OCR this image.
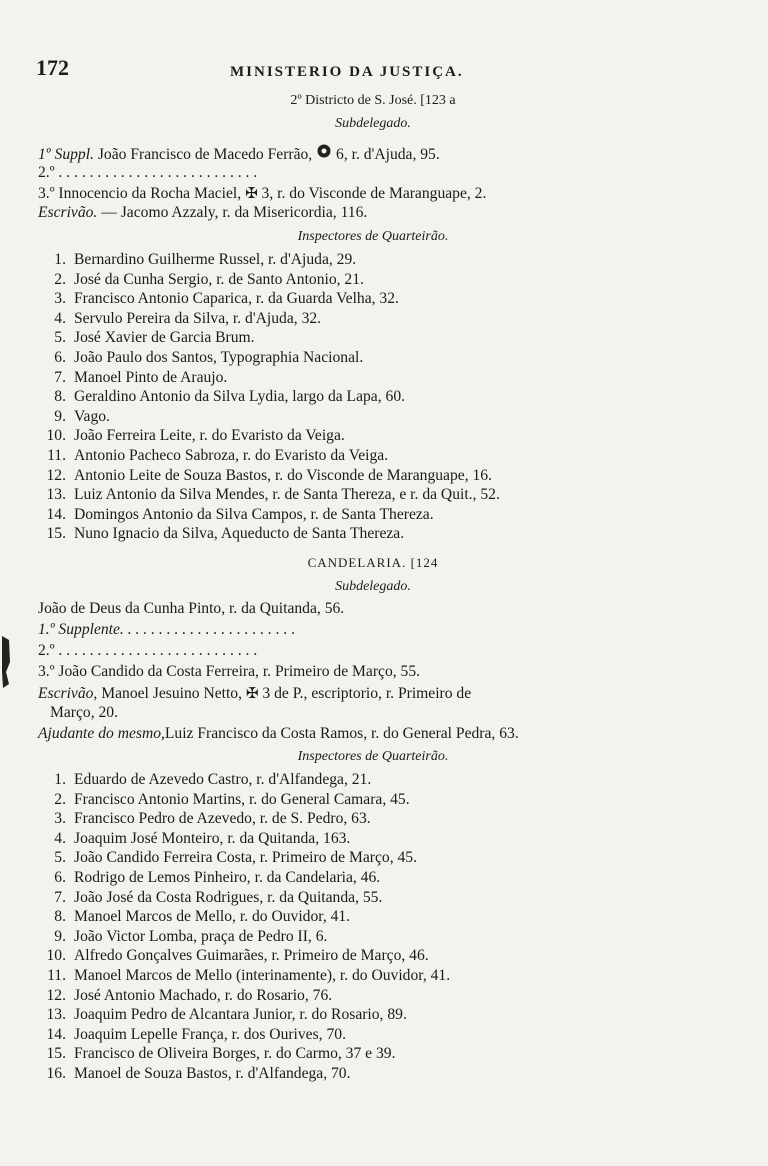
172	MINISTERIO DA JUSTIÇA.
2º Districto de S. José. [123 a
Subdelegado.
1º Suppl. João Francisco de Macedo Ferrão, 6, r. d'Ajuda, 95.
2.º . . . . . . . . . . . . . . . . . . . . . . . . . .
3.º Innocencio da Rocha Maciel, ✠ 3, r. do Visconde de Maranguape, 2.
Escrivão. — Jacomo Azzaly, r. da Misericordia, 116.
Inspectores de Quarteirão.
1. Bernardino Guilherme Russel, r. d'Ajuda, 29.
2. José da Cunha Sergio, r. de Santo Antonio, 21.
3. Francisco Antonio Caparica, r. da Guarda Velha, 32.
4. Servulo Pereira da Silva, r. d'Ajuda, 32.
5. José Xavier de Garcia Brum.
6. João Paulo dos Santos, Typographia Nacional.
7. Manoel Pinto de Araujo.
8. Geraldino Antonio da Silva Lydia, largo da Lapa, 60.
9. Vago.
10. João Ferreira Leite, r. do Evaristo da Veiga.
11. Antonio Pacheco Sabroza, r. do Evaristo da Veiga.
12. Antonio Leite de Souza Bastos, r. do Visconde de Maranguape, 16.
13. Luiz Antonio da Silva Mendes, r. de Santa Thereza, e r. da Quit., 52.
14. Domingos Antonio da Silva Campos, r. de Santa Thereza.
15. Nuno Ignacio da Silva, Aqueducto de Santa Thereza.
CANDELARIA. [124
Subdelegado.
João de Deus da Cunha Pinto, r. da Quitanda, 56.
1.º Supplente. . . . . . . . . . . . . . . . . . . . . . .
2.º . . . . . . . . . . . . . . . . . . . . . . . . . .
3.º João Candido da Costa Ferreira, r. Primeiro de Março, 55.
Escrivão, Manoel Jesuino Netto, ✠ 3 de P., escriptorio, r. Primeiro de
Março, 20.
Ajudante do mesmo,Luiz Francisco da Costa Ramos, r. do General Pedra, 63.
Inspectores de Quarteirão.
1. Eduardo de Azevedo Castro, r. d'Alfandega, 21.
2. Francisco Antonio Martins, r. do General Camara, 45.
3. Francisco Pedro de Azevedo, r. de S. Pedro, 63.
4. Joaquim José Monteiro, r. da Quitanda, 163.
5. João Candido Ferreira Costa, r. Primeiro de Março, 45.
6. Rodrigo de Lemos Pinheiro, r. da Candelaria, 46.
7. João José da Costa Rodrigues, r. da Quitanda, 55.
8. Manoel Marcos de Mello, r. do Ouvidor, 41.
9. João Victor Lomba, praça de Pedro II, 6.
10. Alfredo Gonçalves Guimarães, r. Primeiro de Março, 46.
11. Manoel Marcos de Mello (interinamente), r. do Ouvidor, 41.
12. José Antonio Machado, r. do Rosario, 76.
13. Joaquim Pedro de Alcantara Junior, r. do Rosario, 89.
14. Joaquim Lepelle França, r. dos Ourives, 70.
15. Francisco de Oliveira Borges, r. do Carmo, 37 e 39.
16. Manoel de Souza Bastos, r. d'Alfandega, 70.
